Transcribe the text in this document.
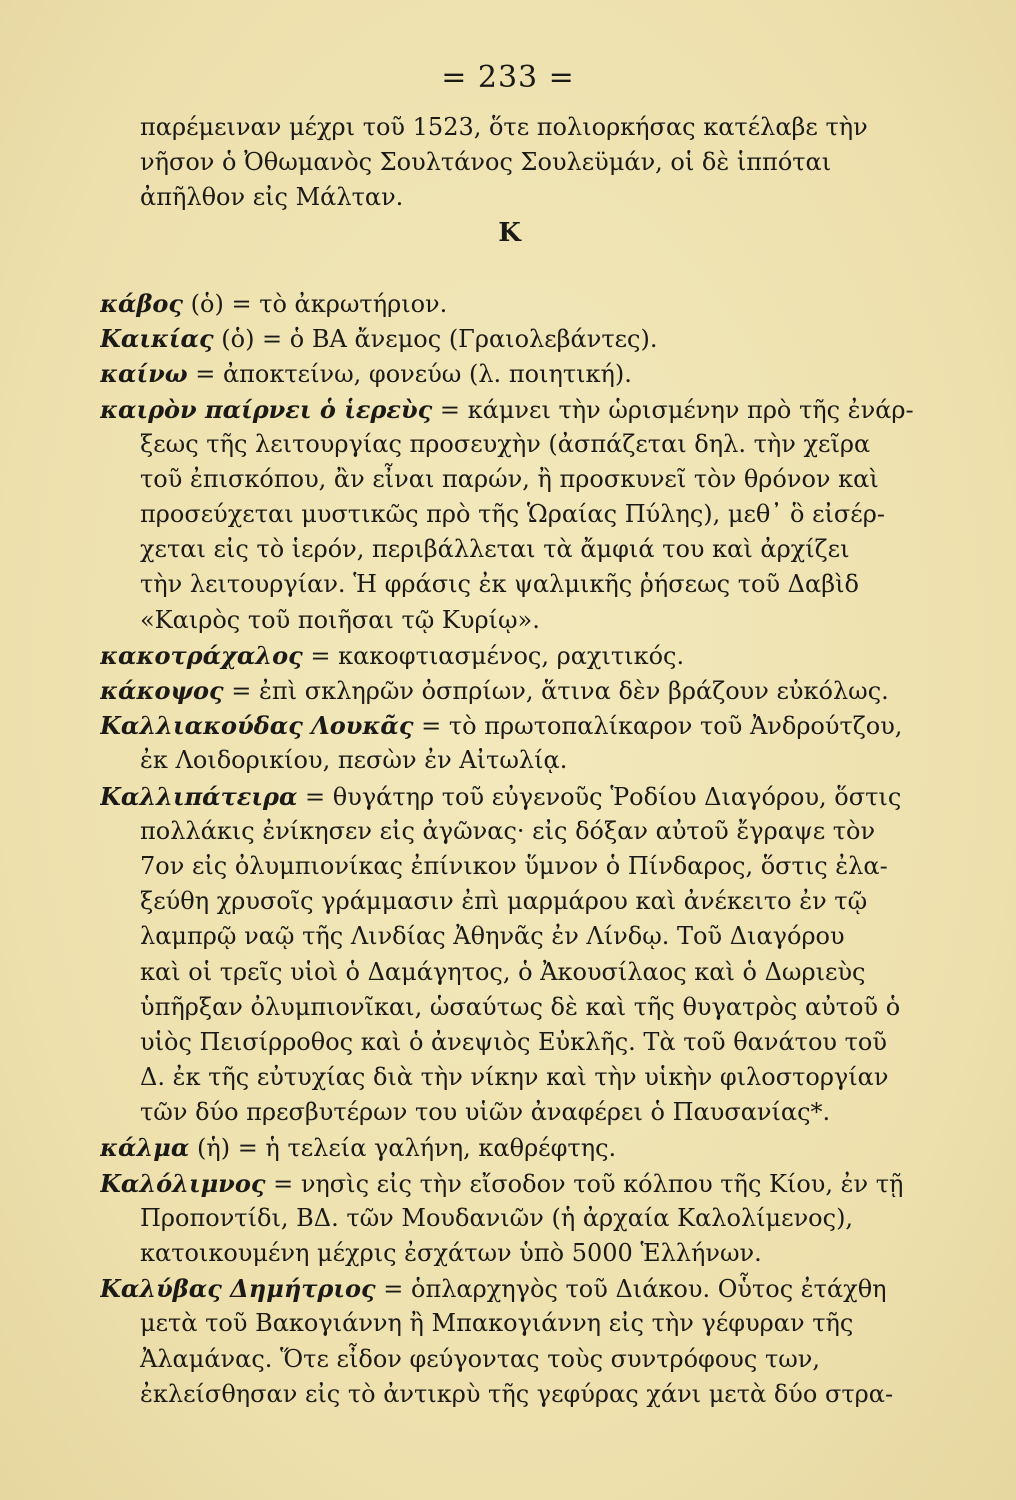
= 233 =
παρέμειναν μέχρι τοῦ 1523, ὅτε πολιορκήσας κατέλαβε τὴν
νῆσον ὁ Ὀθωμανὸς Σουλτάνος Σουλεϋμάν, οἱ δὲ ἱππόται
ἀπῆλθον εἰς Μάλταν.
Κ
κάβος (ὁ) = τὸ ἀκρωτήριον.
Καικίας (ὁ) = ὁ ΒΑ ἄνεμος (Γραιολεβάντες).
καίνω = ἀποκτείνω, φονεύω (λ. ποιητική).
καιρὸν παίρνει ὁ ἱερεὺς = κάμνει τὴν ὡρισμένην πρὸ τῆς ἐνάρ-
ξεως τῆς λειτουργίας προσευχὴν (ἀσπάζεται δηλ. τὴν χεῖρα
τοῦ ἐπισκόπου, ἂν εἶναι παρών, ἢ προσκυνεῖ τὸν θρόνον καὶ
προσεύχεται μυστικῶς πρὸ τῆς Ὡραίας Πύλης), μεθ᾽ ὃ εἰσέρ-
χεται εἰς τὸ ἱερόν, περιβάλλεται τὰ ἄμφιά του καὶ ἀρχίζει
τὴν λειτουργίαν. Ἡ φράσις ἐκ ψαλμικῆς ῥήσεως τοῦ Δαβὶδ
«Καιρὸς τοῦ ποιῆσαι τῷ Κυρίῳ».
κακοτράχαλος = κακοφτιασμένος, ραχιτικός.
κάκοψος = ἐπὶ σκληρῶν ὀσπρίων, ἅτινα δὲν βράζουν εὐκόλως.
Καλλιακούδας Λουκᾶς = τὸ πρωτοπαλίκαρον τοῦ Ἀνδρούτζου,
ἐκ Λοιδορικίου, πεσὼν ἐν Αἰτωλίᾳ.
Καλλιπάτειρα = θυγάτηρ τοῦ εὐγενοῦς Ῥοδίου Διαγόρου, ὅστις
πολλάκις ἐνίκησεν εἰς ἀγῶνας· εἰς δόξαν αὐτοῦ ἔγραψε τὸν
7ον εἰς ὀλυμπιονίκας ἐπίνικον ὕμνον ὁ Πίνδαρος, ὅστις ἐλα-
ξεύθη χρυσοῖς γράμμασιν ἐπὶ μαρμάρου καὶ ἀνέκειτο ἐν τῷ
λαμπρῷ ναῷ τῆς Λινδίας Ἀθηνᾶς ἐν Λίνδῳ. Τοῦ Διαγόρου
καὶ οἱ τρεῖς υἱοὶ ὁ Δαμάγητος, ὁ Ἀκουσίλαος καὶ ὁ Δωριεὺς
ὑπῆρξαν ὀλυμπιονῖκαι, ὡσαύτως δὲ καὶ τῆς θυγατρὸς αὐτοῦ ὁ
υἱὸς Πεισίρροθος καὶ ὁ ἀνεψιὸς Εὐκλῆς. Τὰ τοῦ θανάτου τοῦ
Δ. ἐκ τῆς εὐτυχίας διὰ τὴν νίκην καὶ τὴν υἱκὴν φιλοστοργίαν
τῶν δύο πρεσβυτέρων του υἱῶν ἀναφέρει ὁ Παυσανίας*.
κάλμα (ἡ) = ἡ τελεία γαλήνη, καθρέφτης.
Καλόλιμνος = νησὶς εἰς τὴν εἴσοδον τοῦ κόλπου τῆς Κίου, ἐν τῇ
Προποντίδι, ΒΔ. τῶν Μουδανιῶν (ἡ ἀρχαία Καλολίμενος),
κατοικουμένη μέχρις ἐσχάτων ὑπὸ 5000 Ἑλλήνων.
Καλύβας Δημήτριος = ὁπλαρχηγὸς τοῦ Διάκου. Οὗτος ἐτάχθη
μετὰ τοῦ Βακογιάννη ἢ Μπακογιάννη εἰς τὴν γέφυραν τῆς
Ἀλαμάνας. Ὅτε εἶδον φεύγοντας τοὺς συντρόφους των,
ἐκλείσθησαν εἰς τὸ ἀντικρὺ τῆς γεφύρας χάνι μετὰ δύο στρα-
